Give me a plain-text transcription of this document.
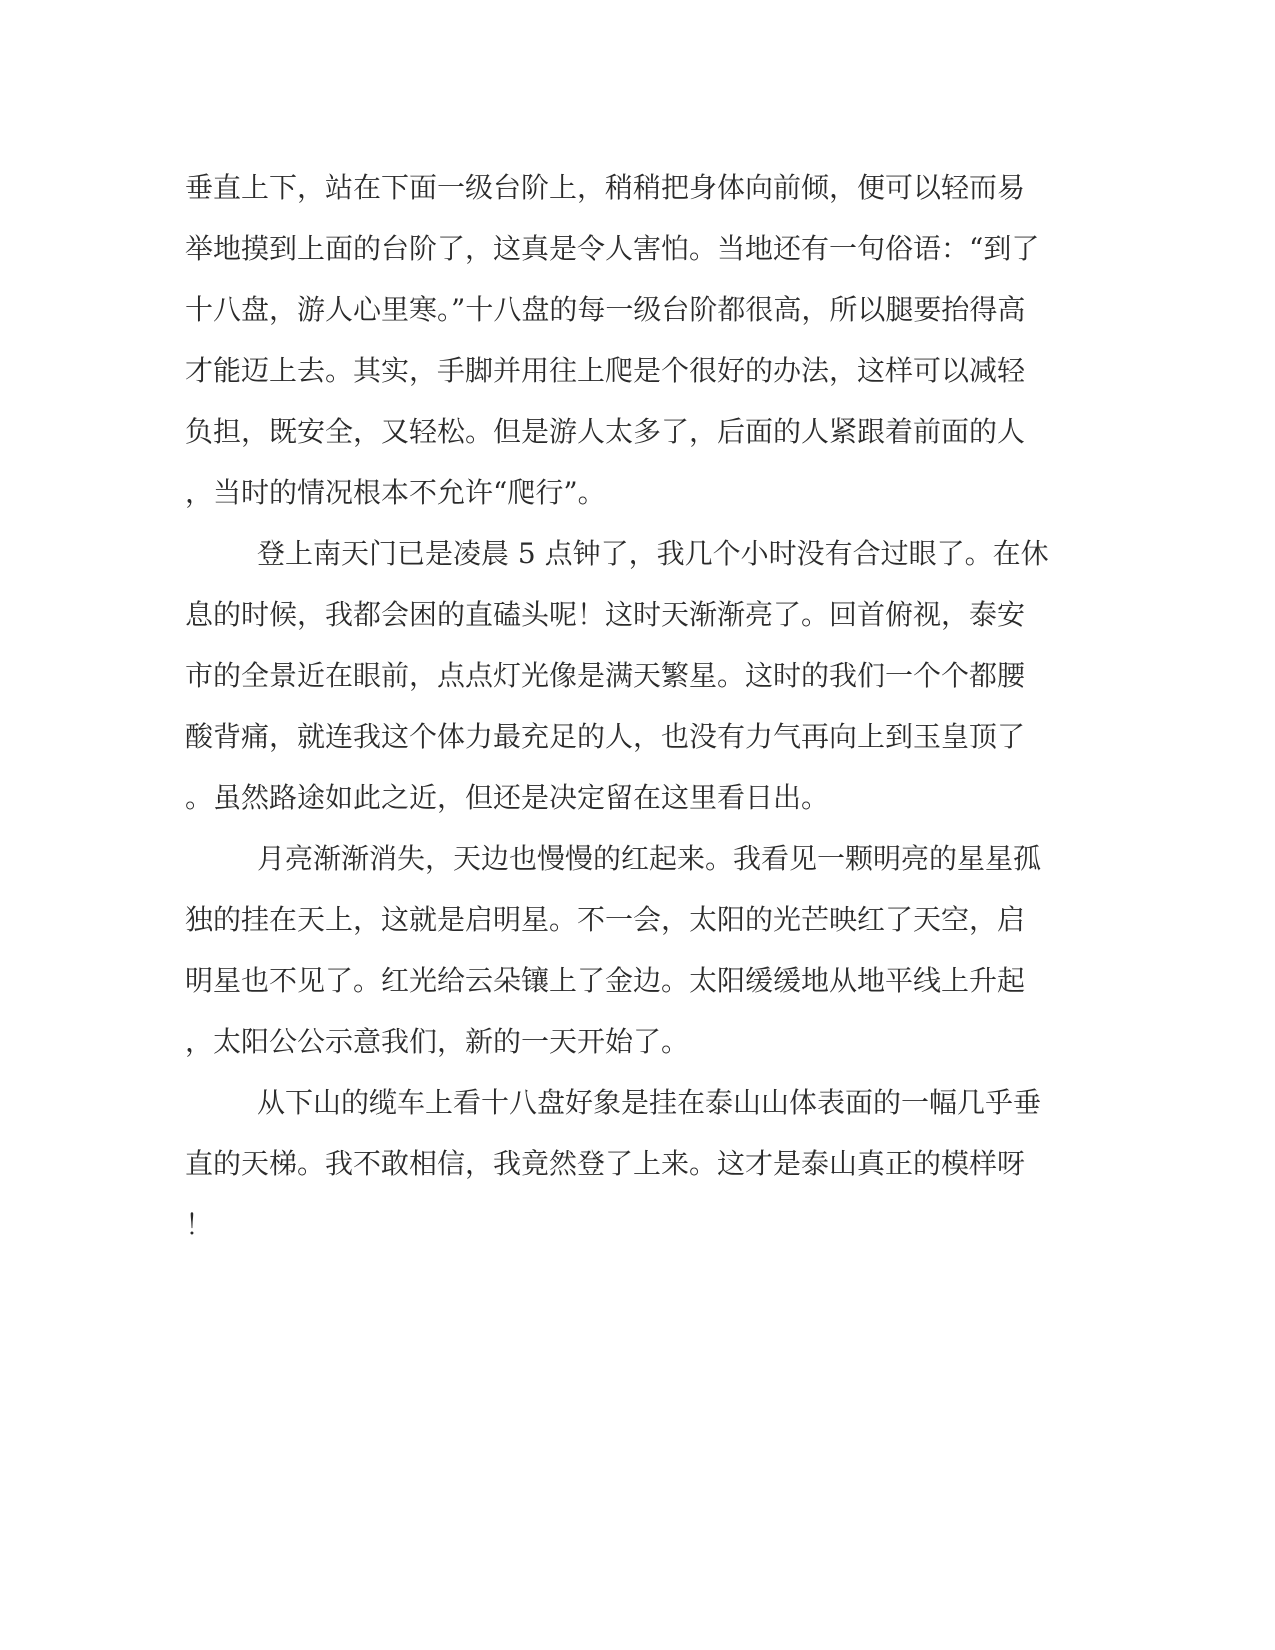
垂直上下，站在下面一级台阶上，稍稍把身体向前倾，便可以轻而易
举地摸到上面的台阶了，这真是令人害怕。当地还有一句俗语：“到了
十八盘，游人心里寒。”十八盘的每一级台阶都很高，所以腿要抬得高
才能迈上去。其实，手脚并用往上爬是个很好的办法，这样可以减轻
负担，既安全，又轻松。但是游人太多了，后面的人紧跟着前面的人
，当时的情况根本不允许“爬行”。
登上南天门已是凌晨 5 点钟了，我几个小时没有合过眼了。在休
息的时候，我都会困的直磕头呢！这时天渐渐亮了。回首俯视，泰安
市的全景近在眼前，点点灯光像是满天繁星。这时的我们一个个都腰
酸背痛，就连我这个体力最充足的人，也没有力气再向上到玉皇顶了
。虽然路途如此之近，但还是决定留在这里看日出。
月亮渐渐消失，天边也慢慢的红起来。我看见一颗明亮的星星孤
独的挂在天上，这就是启明星。不一会，太阳的光芒映红了天空，启
明星也不见了。红光给云朵镶上了金边。太阳缓缓地从地平线上升起
，太阳公公示意我们，新的一天开始了。
从下山的缆车上看十八盘好象是挂在泰山山体表面的一幅几乎垂
直的天梯。我不敢相信，我竟然登了上来。这才是泰山真正的模样呀
！
